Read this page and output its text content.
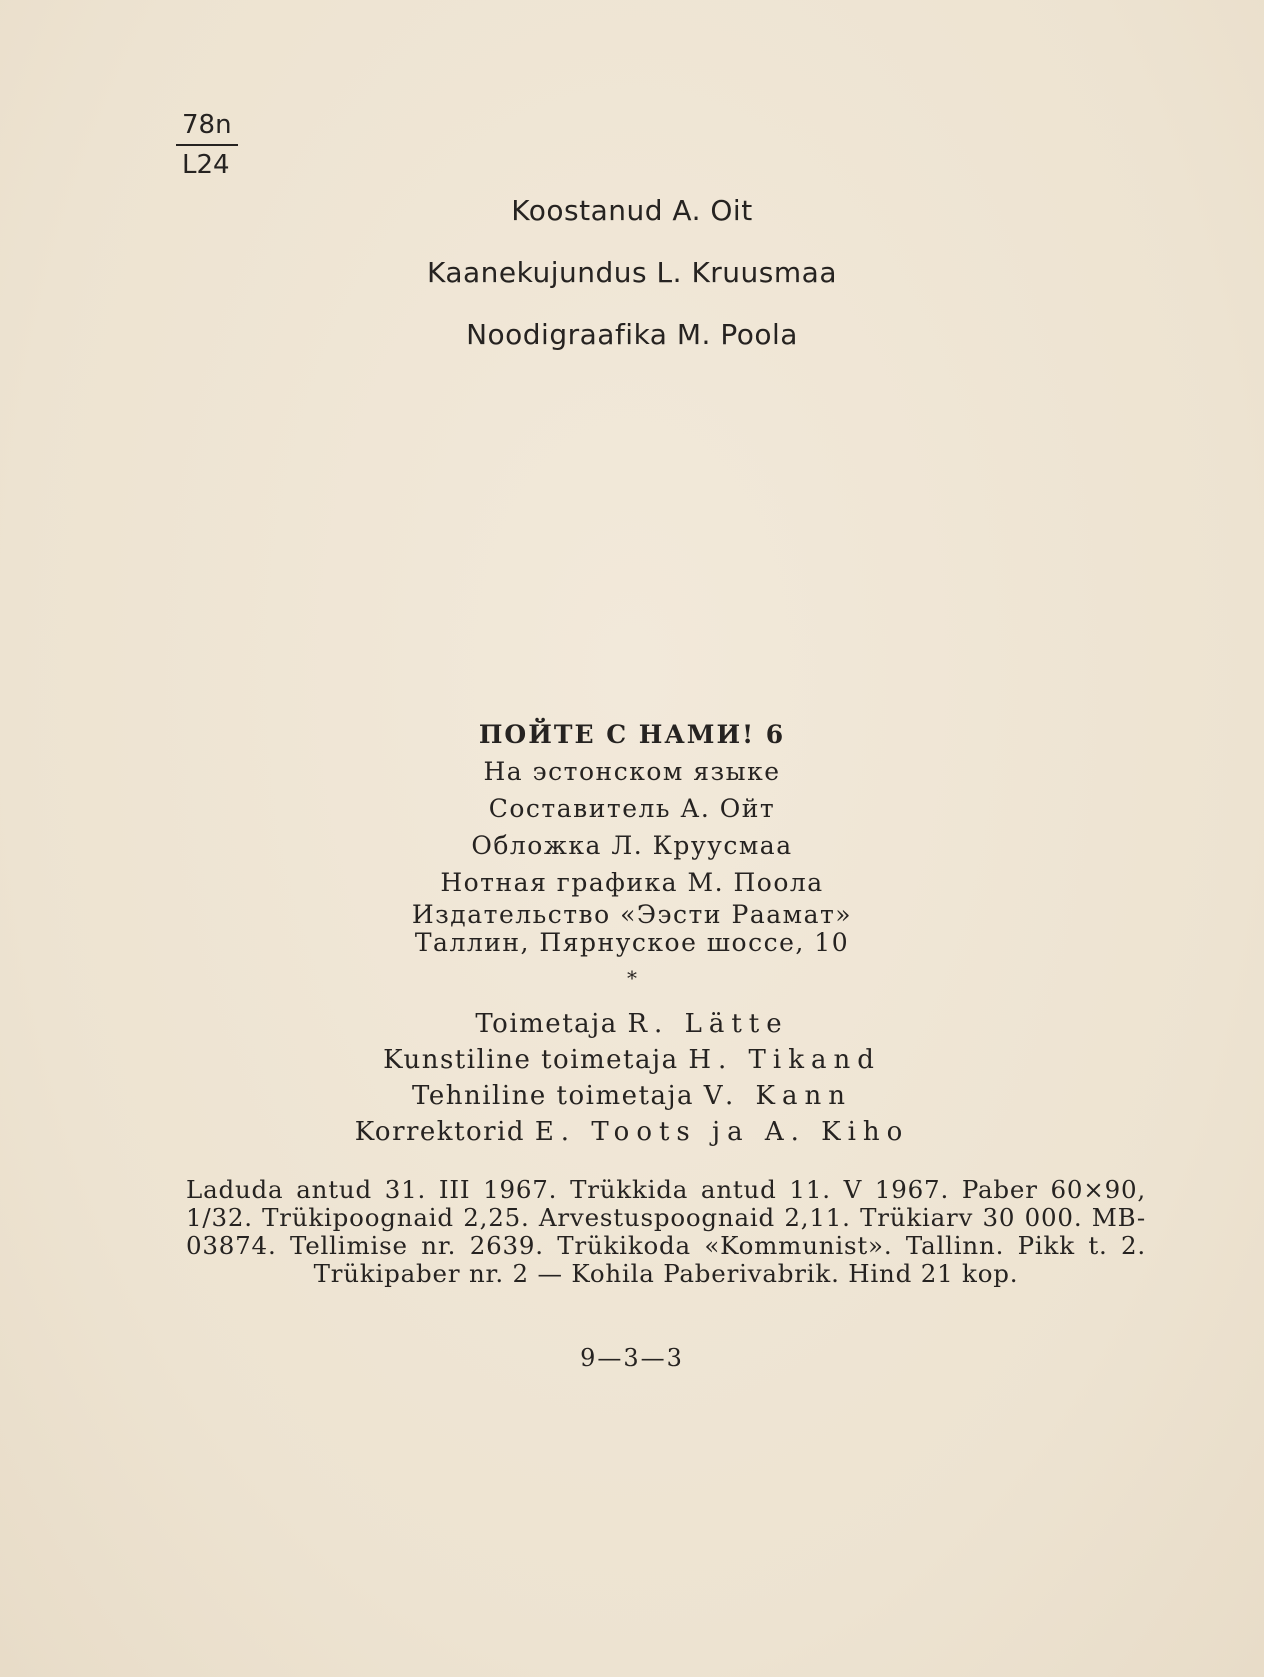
78n
L24
Koostanud A. Oit
Kaanekujundus L. Kruusmaa
Noodigraafika M. Poola
ПОЙТЕ С НАМИ! 6
На эстонском языке
Составитель А. Ойт
Обложка Л. Круусмаа
Нотная графика М. Поола
Издательство «Ээсти Раамат»
Таллин, Пярнуское шоссе, 10
*
Toimetaja R. Lätte
Kunstiline toimetaja H. Tikand
Tehniline toimetaja V. Kann
Korrektorid E. Toots ja A. Kiho
Laduda antud 31. III 1967. Trükkida antud 11. V 1967. Paber 60×90, 1/32. Trükipoognaid 2,25. Arvestuspoognaid 2,11. Trükiarv 30 000. MB-03874. Tellimise nr. 2639. Trükikoda «Kommunist». Tallinn. Pikk t. 2. Trükipaber nr. 2 — Kohila Paberivabrik. Hind 21 kop.
9—3—3
